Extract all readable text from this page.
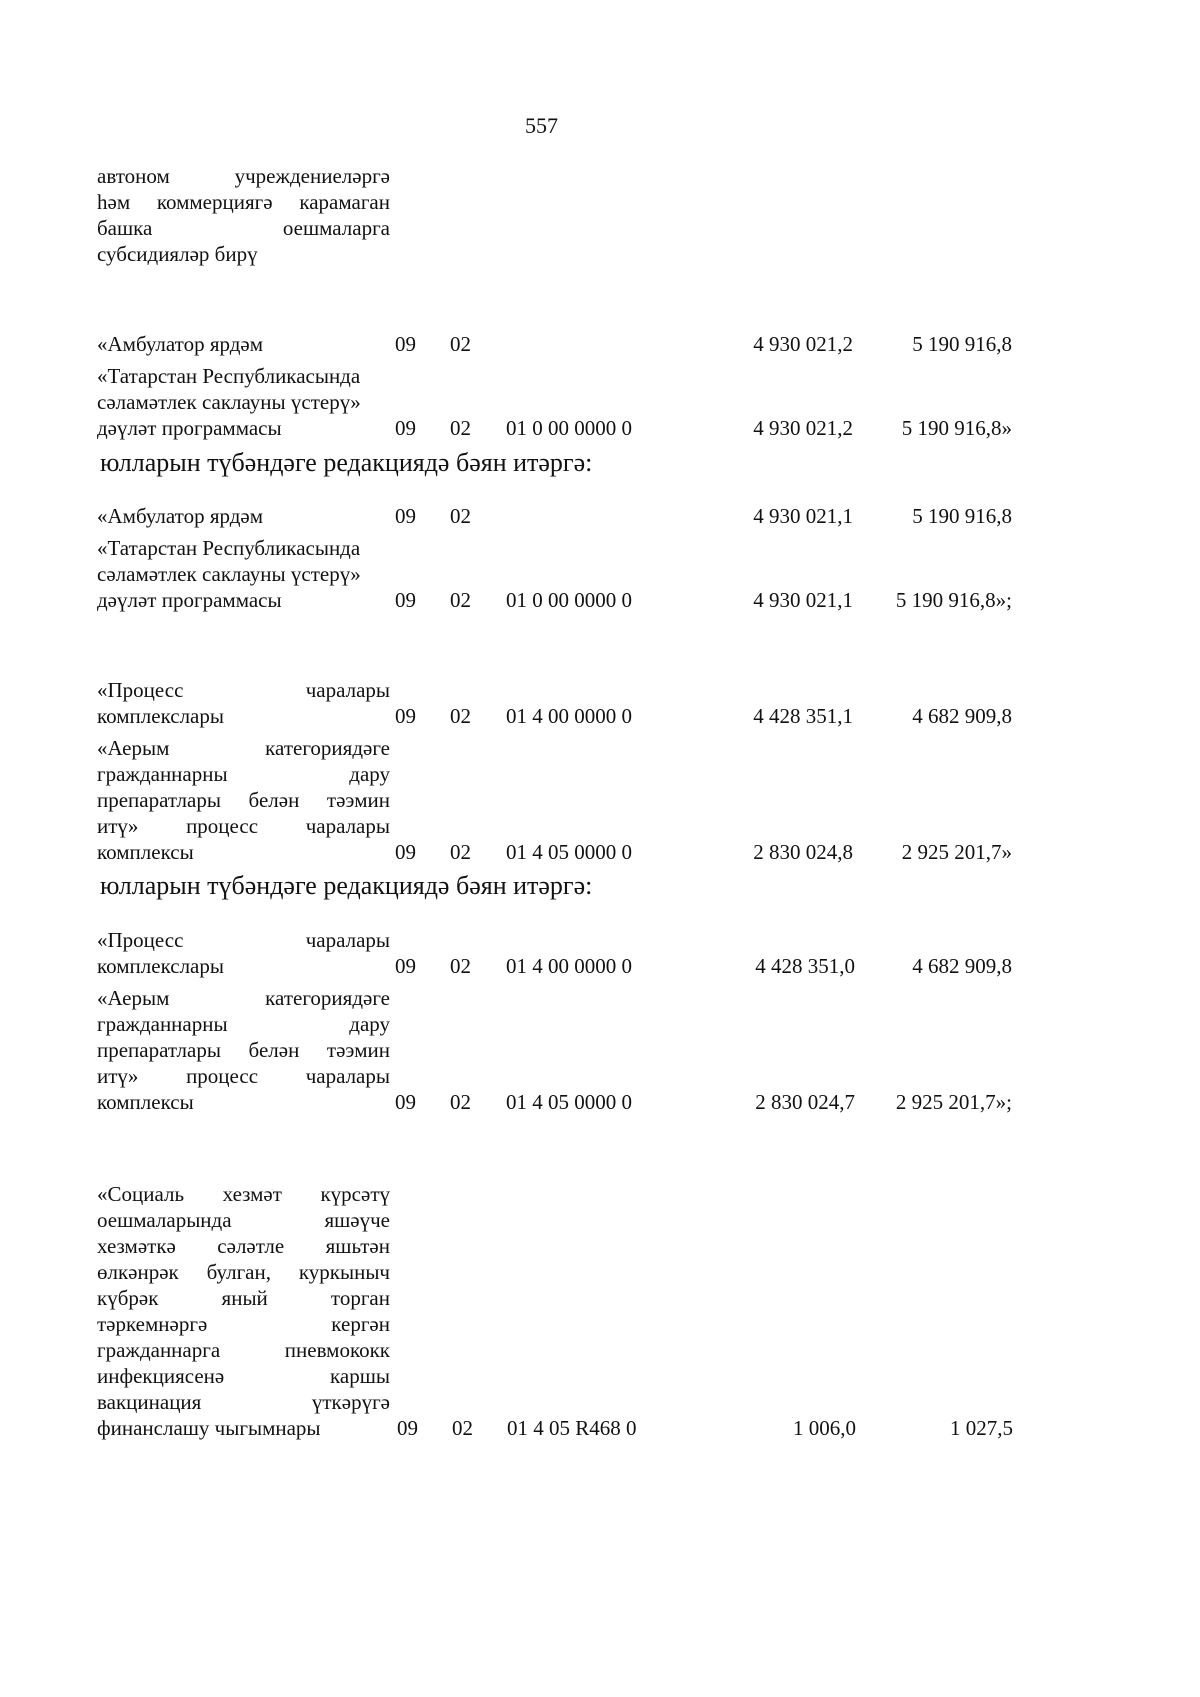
557
автоном учреждениеләргә
һәм коммерциягә карамаган
башка оешмаларга
субсидияләр бирү
«Амбулатор ярдәм	09 02	4 930 021,2	5 190 916,8
«Татарстан Республикасында
сәламәтлек саклауны үстерү»
дәүләт программасы	09 02 01 0 00 0000 0	4 930 021,2	5 190 916,8»
юлларын түбәндәге редакциядә бәян итәргә:
«Амбулатор ярдәм	09 02	4 930 021,1	5 190 916,8
«Татарстан Республикасында
сәламәтлек саклауны үстерү»
дәүләт программасы	09 02 01 0 00 0000 0	4 930 021,1	5 190 916,8»;
«Процесс чаралары
комплекслары	09 02 01 4 00 0000 0	4 428 351,1	4 682 909,8
«Аерым категориядәге
гражданнарны дару
препаратлары белән тәэмин
итү» процесс чаралары
комплексы	09 02 01 4 05 0000 0	2 830 024,8	2 925 201,7»
юлларын түбәндәге редакциядә бәян итәргә:
«Процесс чаралары
комплекслары	09 02 01 4 00 0000 0	4 428 351,0	4 682 909,8
«Аерым категориядәге
гражданнарны дару
препаратлары белән тәэмин
итү» процесс чаралары
комплексы	09 02 01 4 05 0000 0	2 830 024,7	2 925 201,7»;
«Социаль хезмәт күрсәтү
оешмаларында яшәүче
хезмәткә сәләтле яшьтән
өлкәнрәк булган, куркыныч
күбрәк яный торган
тәркемнәргә кергән
гражданнарга пневмококк
инфекциясенә каршы
вакцинация үткәрүгә
финанслашу чыгымнары	09 02 01 4 05 R468 0	1 006,0	1 027,5
